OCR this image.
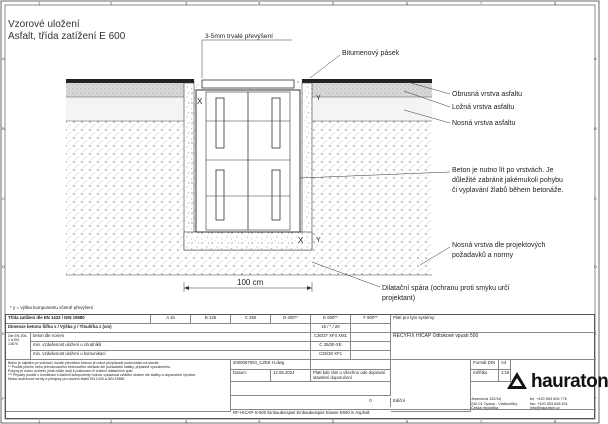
A
B
C
D
E
F
A
B
C
D
E
F
1	2	3	4	5	6	7	8
1	2	3	4	5	6	7	8
Vzorové uložení
Asfalt, třída zatížení E 600
X
X
Y
Y
3-5mm trvalé převýšení
100 cm
Bitumenový pásek
Obrusná vrstva asfaltu
Ložná vrstva asfaltu
Nosná vrstva asfaltu
Beton je nutno lít po vrstvách. Je
důležité zabránit jakémukoli pohybu
či vyplavání žlabů během betonáže.
Nosná vrstva dle projektových
požadavků a normy
Dilatační spára (ochranu proti smyku určí
projektant)
* y = výška komponentu včetně převýšení
Třída zatížení dle EN 1433 / DIN 19580	A 15	B 125	C 250	D 400**	E 600**	F 900**
Dimenze betonu Šířka x / Výška y / Tloušťka z (cm)	15 / * / 20
Dle EN 206-1 a EN 13670
beton dle norem	C30/37 XF4 XM1
min. vzdušenost uložení u chodníků	C 35/30-XE
min. vzdušenost uložení u komunikací	C25/30 XF1
Beton je zajištěn po vrstvách, kulaté převážení betonu je nutné přizpůsobit podmínkám na stavbě.
** Použití plného nebo přerušovaného betonového obkladu dle požadavků statiky, případně vyztuženého.
Pokyny je nutno dodržet, jinak může dojít k poškození či zničení dilatačních spár.
*** Případy použití v kombinaci s dalšími komponenty mohou vyžadovat zvláštní uložení dle statiky a doporučení výrobce.
Nutno dodržovat normy a předpisy pro uložení žlabů EN 1433 a DIN 19580.
2000067004_CZEE H.dwg
Datum:	12.05.2024	Platí kde rám u všechno ode dopravní
stavební doporučení
0
Platí pro tyto systémy:
RECYFIX HICAP Odtokové vpusti 500
Formát DIN	A4
měřítko	1:16
Ediční
RF-HICAP-S-500 Einbaubeispiel Einbaubeispiel Klasse E600 in Asphalt
hauraton
Jeseniová 152/18
240 01 Opava - Vlaštovičky
Česká republika
tel: +420 553 628 776
fax: +420 553 628 401
info@hauraton.cz
